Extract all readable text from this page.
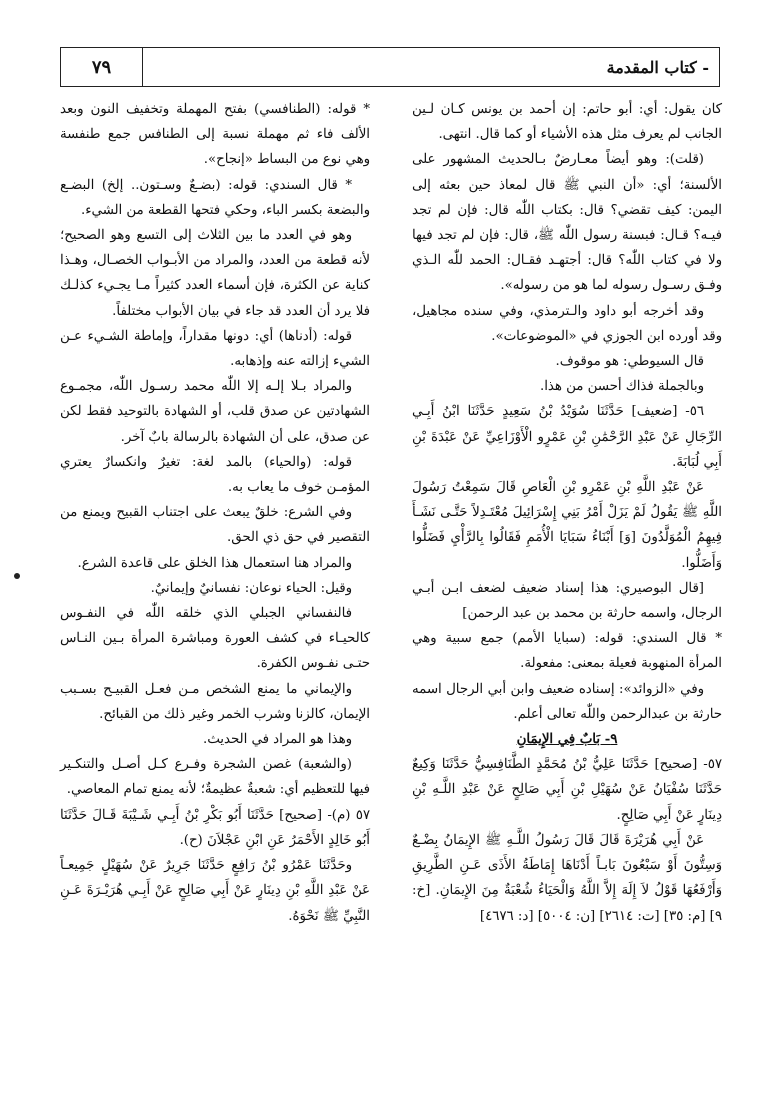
٧٩	- كتاب المقدمة

كان يقول: أي: أبو حاتم: إن أحمد بن يونس كـان لـين الجانب لم يعرف مثل هذه الأشياء أو كما قال. انتهى.

(قلت): وهو أيضاً معـارضٌ بـالحديث المشهور على الألسنة؛ أي: «أن النبي ﷺ قال لمعاذ حين بعثه إلى اليمن: كيف تقضي؟ قال: بكتاب اللّٰه قال: فإن لم تجد فيـه؟ قـال: فبسنة رسول اللّٰه ﷺ، قال: فإن لم تجد فيها ولا في كتاب اللّٰه؟ قال: أجتهـد فقـال: الحمد للّٰه الـذي وفـق رسـول رسوله لما هو من رسوله».

وقد أخرجه أبو داود والـترمذي، وفي سنده مجاهيل، وقد أورده ابن الجوزي في «الموضوعات».

قال السيوطي: هو موقوف.

وبالجملة فذاك أحسن من هذا.

٥٦- [ضعيف] حَدَّثَنَا سُوَيْدُ بْنُ سَعِيدٍ حَدَّثَنَا ابْنُ أَبِـي الرِّجَالِ عَنْ عَبْدِ الرَّحْمَٰنِ بْنِ عَمْرٍو الْأَوْزَاعِيِّ عَنْ عَبْدَةَ بْنِ أَبِي لُبَابَةَ.

عَنْ عَبْدِ اللَّهِ بْنِ عَمْرِو بْنِ الْعَاصِ قَالَ سَمِعْتُ رَسُولَ اللَّهِ ﷺ يَقُولُ لَمْ يَزَلْ أَمْرُ بَنِي إِسْرَائِيلَ مُعْتَـدِلاً حَتَّـى نَشَـأَ فِيهِمُ الْمُوَلَّدُونَ [وَ] أَبْنَاءُ سَبَايَا الْأُمَمِ فَقَالُوا بِالرَّأْيِ فَضَلُّوا وَأَضَلُّوا.

[قال البوصيري: هذا إسناد ضعيف لضعف ابـن أبـي الرجال، واسمه حارثة بن محمد بن عبد الرحمن]

* قال السندي: قوله: (سبايا الأمم) جمع سبية وهي المرأة المنهوبة فعيلة بمعنى: مفعولة.

وفي «الزوائد»: إسناده ضعيف وابن أبي الرجال اسمه حارثة بن عبدالرحمن واللّٰه تعالى أعلم.

٩- بَابٌ فِي الإِيمَانِ

٥٧- [صحيح] حَدَّثَنَا عَلِيُّ بْنُ مُحَمَّدٍ الطَّنَافِسِيُّ حَدَّثَنَا وَكِيعٌ حَدَّثَنَا سُفْيَانُ عَنْ سُهَيْلِ بْنِ أَبِي صَالِحٍ عَنْ عَبْدِ اللَّـهِ بْنِ دِينَارٍ عَنْ أَبِي صَالِحٍ.

عَنْ أَبِي هُرَيْرَةَ قَالَ قَالَ رَسُولُ اللَّـهِ ﷺ الإِيمَانُ بِضْـعٌ وَسِتُّونَ أَوْ سَبْعُونَ بَابـاً أَدْنَاهَا إِمَاطَةُ الأَذَى عَـنِ الطَّرِيقِ وَأَرْفَعُهَا قَوْلُ لاَ إِلَهَ إِلاَّ اللَّهُ وَالْحَيَاءُ شُعْبَةٌ مِنَ الإِيمَانِ. [خ: ٩] [م: ٣٥] [ت: ٢٦١٤] [ن: ٥٠٠٤] [د: ٤٦٧٦]

* قوله: (الطنافسي) بفتح المهملة وتخفيف النون وبعد الألف فاء ثم مهملة نسبة إلى الطنافس جمع طنفسة وهي نوع من البساط «إنجاح».

* قال السندي: قوله: (بضـعٌ وسـتون.. إلخ) البضـع والبضعة بكسر الباء، وحكي فتحها القطعة من الشيء.

وهو في العدد ما بين الثلاث إلى التسع وهو الصحيح؛ لأنه قطعة من العدد، والمراد من الأبـواب الخصـال، وهـذا كناية عن الكثرة، فإن أسماء العدد كثيراً مـا يجـيء كذلـك فلا يرد أن العدد قد جاء في بيان الأبواب مختلفاً.

قوله: (أدناها) أي: دونها مقداراً، وإماطة الشـيء عـن الشيء إزالته عنه وإذهابه.

والمراد بـلا إلـه إلا اللّٰه محمد رسـول اللّٰه، مجمـوع الشهادتين عن صدق قلب، أو الشهادة بالتوحيد فقط لكن عن صدق، على أن الشهادة بالرسالة بابٌ آخر.

قوله: (والحياء) بالمد لغة: تغيرٌ وانكسارٌ يعتري المؤمـن خوف ما يعاب به.

وفي الشرع: خلقٌ يبعث على اجتناب القبيح ويمنع من التقصير في حق ذي الحق.

والمراد هنا استعمال هذا الخلق على قاعدة الشرع.

وقيل: الحياء نوعان: نفسانيٌ وإيمانيٌ.

فالنفساني الجبلي الذي خلقه اللّٰه في النفـوس كالحيـاء في كشف العورة ومباشرة المرأة بـين النـاس حتـى نفـوس الكفرة.

والإيماني ما يمنع الشخص مـن فعـل القبيـح بسـبب الإيمان، كالزنا وشرب الخمر وغير ذلك من القبائح.

وهذا هو المراد في الحديث.

(والشعبة) غصن الشجرة وفـرع كـل أصـل والتنكـير فيها للتعظيم أي: شعبةٌ عظيمةٌ؛ لأنه يمنع تمام المعاصي.

٥٧ (م)- [صحيح] حَدَّثَنَا أَبُو بَكْرِ بْنُ أَبِـي شَـيْبَةَ قَـالَ حَدَّثَنَا أَبُو خَالِدٍ الأَحْمَرُ عَنِ ابْنِ عَجْلاَنَ (ح).

وحَدَّثَنَا عَمْرُو بْنُ رَافِعٍ حَدَّثَنَا جَرِيرٌ عَنْ سُهَيْلٍ جَمِيعـاً عَنْ عَبْدِ اللَّهِ بْنِ دِينَارٍ عَنْ أَبِي صَالِحٍ عَنْ أَبِـي هُرَيْـرَةَ عَـنِ النَّبِيِّ ﷺ نَحْوَهُ.
